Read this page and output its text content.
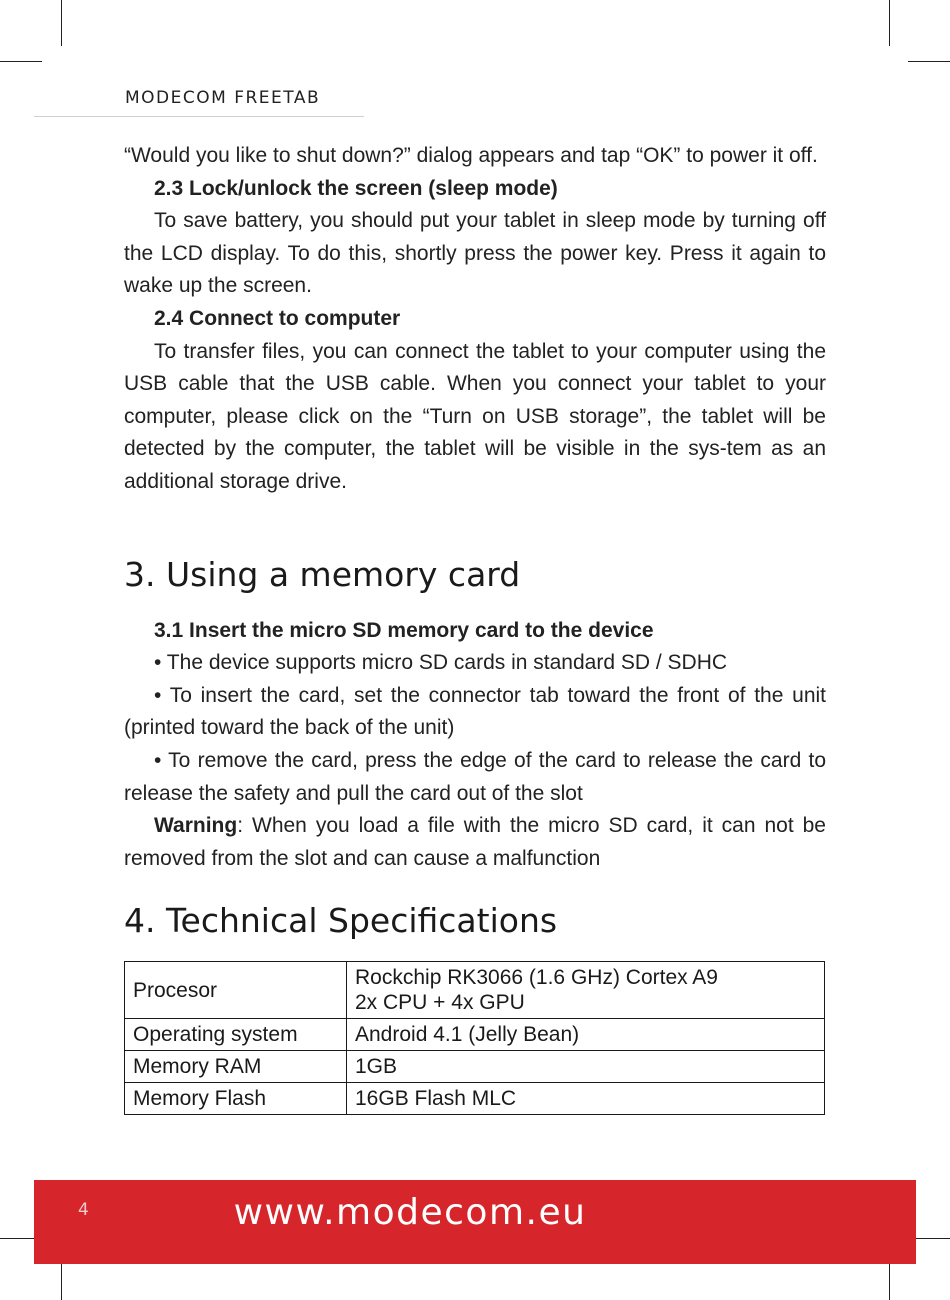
MODECOM FREETAB

“Would you like to shut down?” dialog appears and tap “OK” to power it off.

2.3 Lock/unlock the screen (sleep mode)

To save battery, you should put your tablet in sleep mode by turning off the LCD display. To do this, shortly press the power key. Press it again to wake up the screen.

2.4 Connect to computer

To transfer files, you can connect the tablet to your computer using the USB cable that the USB cable. When you connect your tablet to your computer, please click on the “Turn on USB storage”, the tablet will be detected by the computer, the tablet will be visible in the sys-tem as an additional storage drive.

3. Using a memory card
3.1 Insert the micro SD memory card to the device

• The device supports micro SD cards in standard SD / SDHC

• To insert the card, set the connector tab toward the front of the unit (printed toward the back of the unit)

• To remove the card, press the edge of the card to release the card to release the safety and pull the card out of the slot

Warning: When you load a file with the micro SD card, it can not be removed from the slot and can cause a malfunction

4. Technical Specifications
Procesor	Rockchip RK3066 (1.6 GHz) Cortex A9
2x CPU + 4x GPU

Operating system	Android 4.1 (Jelly Bean)
Memory RAM	1GB
Memory Flash	16GB Flash MLC
4	www.modecom.eu
